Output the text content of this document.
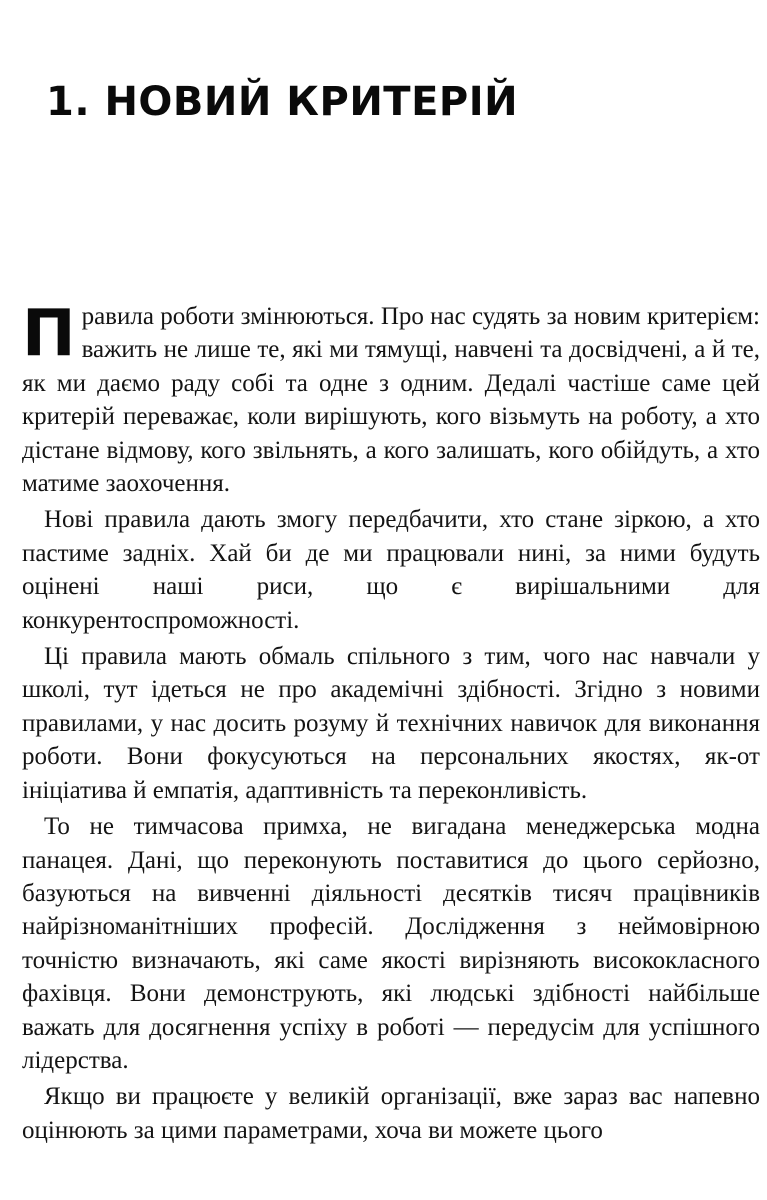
1. НОВИЙ КРИТЕРІЙ

Правила роботи змінюються. Про нас судять за новим критерієм: важить не лише те, які ми тямущі, навчені та досвідчені, а й те, як ми даємо раду собі та одне з одним. Дедалі частіше саме цей критерій переважає, коли вирішують, кого візьмуть на роботу, а хто дістане відмову, кого звільнять, а кого залишать, кого обійдуть, а хто матиме заохочення.

Нові правила дають змогу передбачити, хто стане зіркою, а хто пастиме задніх. Хай би де ми працювали нині, за ними будуть оцінені наші риси, що є вирішальними для конкурентоспроможності.

Ці правила мають обмаль спільного з тим, чого нас навчали у школі, тут ідеться не про академічні здібності. Згідно з новими правилами, у нас досить розуму й технічних навичок для виконання роботи. Вони фокусуються на персональних якостях, як-от ініціатива й емпатія, адаптивність та переконливість.

То не тимчасова примха, не вигадана менеджерська модна панацея. Дані, що переконують поставитися до цього серйозно, базуються на вивченні діяльності десятків тисяч працівників найрізноманітніших професій. Дослідження з неймовірною точністю визначають, які саме якості вирізняють висококласного фахівця. Вони демонструють, які людські здібності найбільше важать для досягнення успіху в роботі — передусім для успішного лідерства.

Якщо ви працюєте у великій організації, вже зараз вас напевно оцінюють за цими параметрами, хоча ви можете цього
